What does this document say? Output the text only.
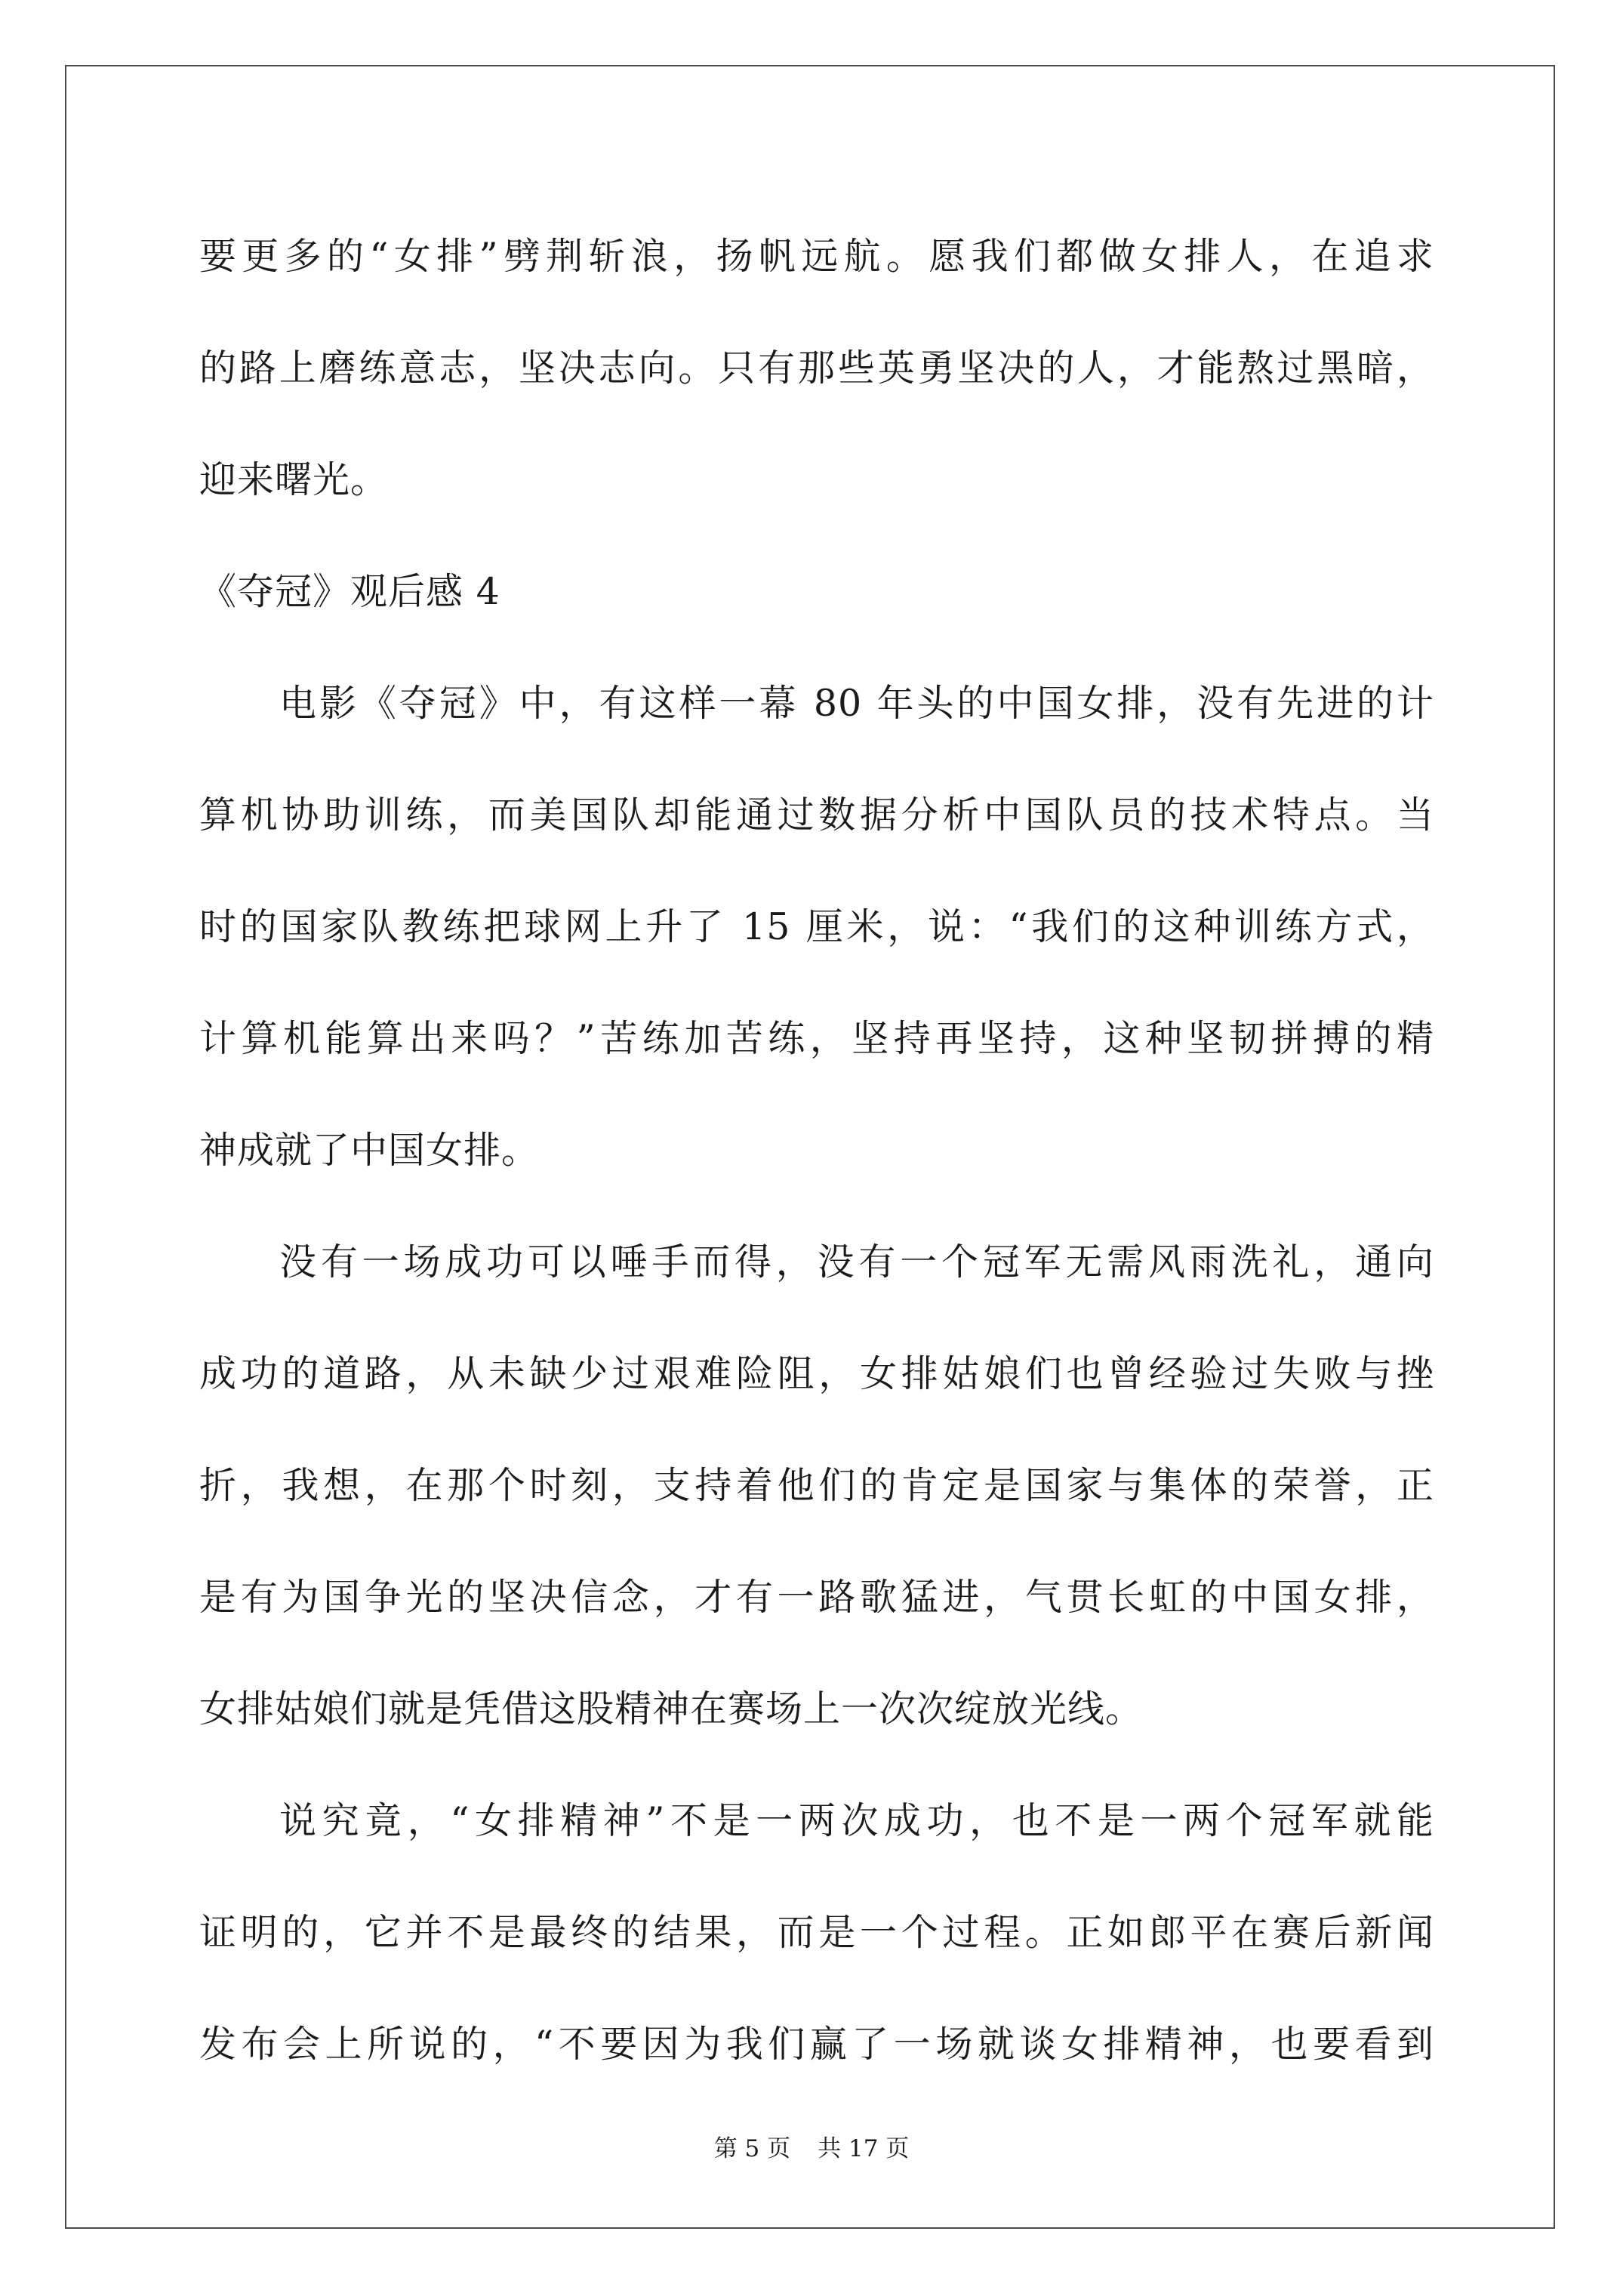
要更多的“女排”劈荆斩浪，扬帆远航。愿我们都做女排人，在追求
的路上磨练意志，坚决志向。只有那些英勇坚决的人，才能熬过黑暗，
迎来曙光。
《夺冠》观后感 4
电影《夺冠》中，有这样一幕 80 年头的中国女排，没有先进的计
算机协助训练，而美国队却能通过数据分析中国队员的技术特点。当
时的国家队教练把球网上升了 15 厘米，说：“我们的这种训练方式，
计算机能算出来吗？”苦练加苦练，坚持再坚持，这种坚韧拼搏的精
神成就了中国女排。
没有一场成功可以唾手而得，没有一个冠军无需风雨洗礼，通向
成功的道路，从未缺少过艰难险阻，女排姑娘们也曾经验过失败与挫
折，我想，在那个时刻，支持着他们的肯定是国家与集体的荣誉，正
是有为国争光的坚决信念，才有一路歌猛进，气贯长虹的中国女排，
女排姑娘们就是凭借这股精神在赛场上一次次绽放光线。
说究竟，“女排精神”不是一两次成功，也不是一两个冠军就能
证明的，它并不是最终的结果，而是一个过程。正如郎平在赛后新闻
发布会上所说的，“不要因为我们赢了一场就谈女排精神，也要看到
第 5 页 共 17 页
